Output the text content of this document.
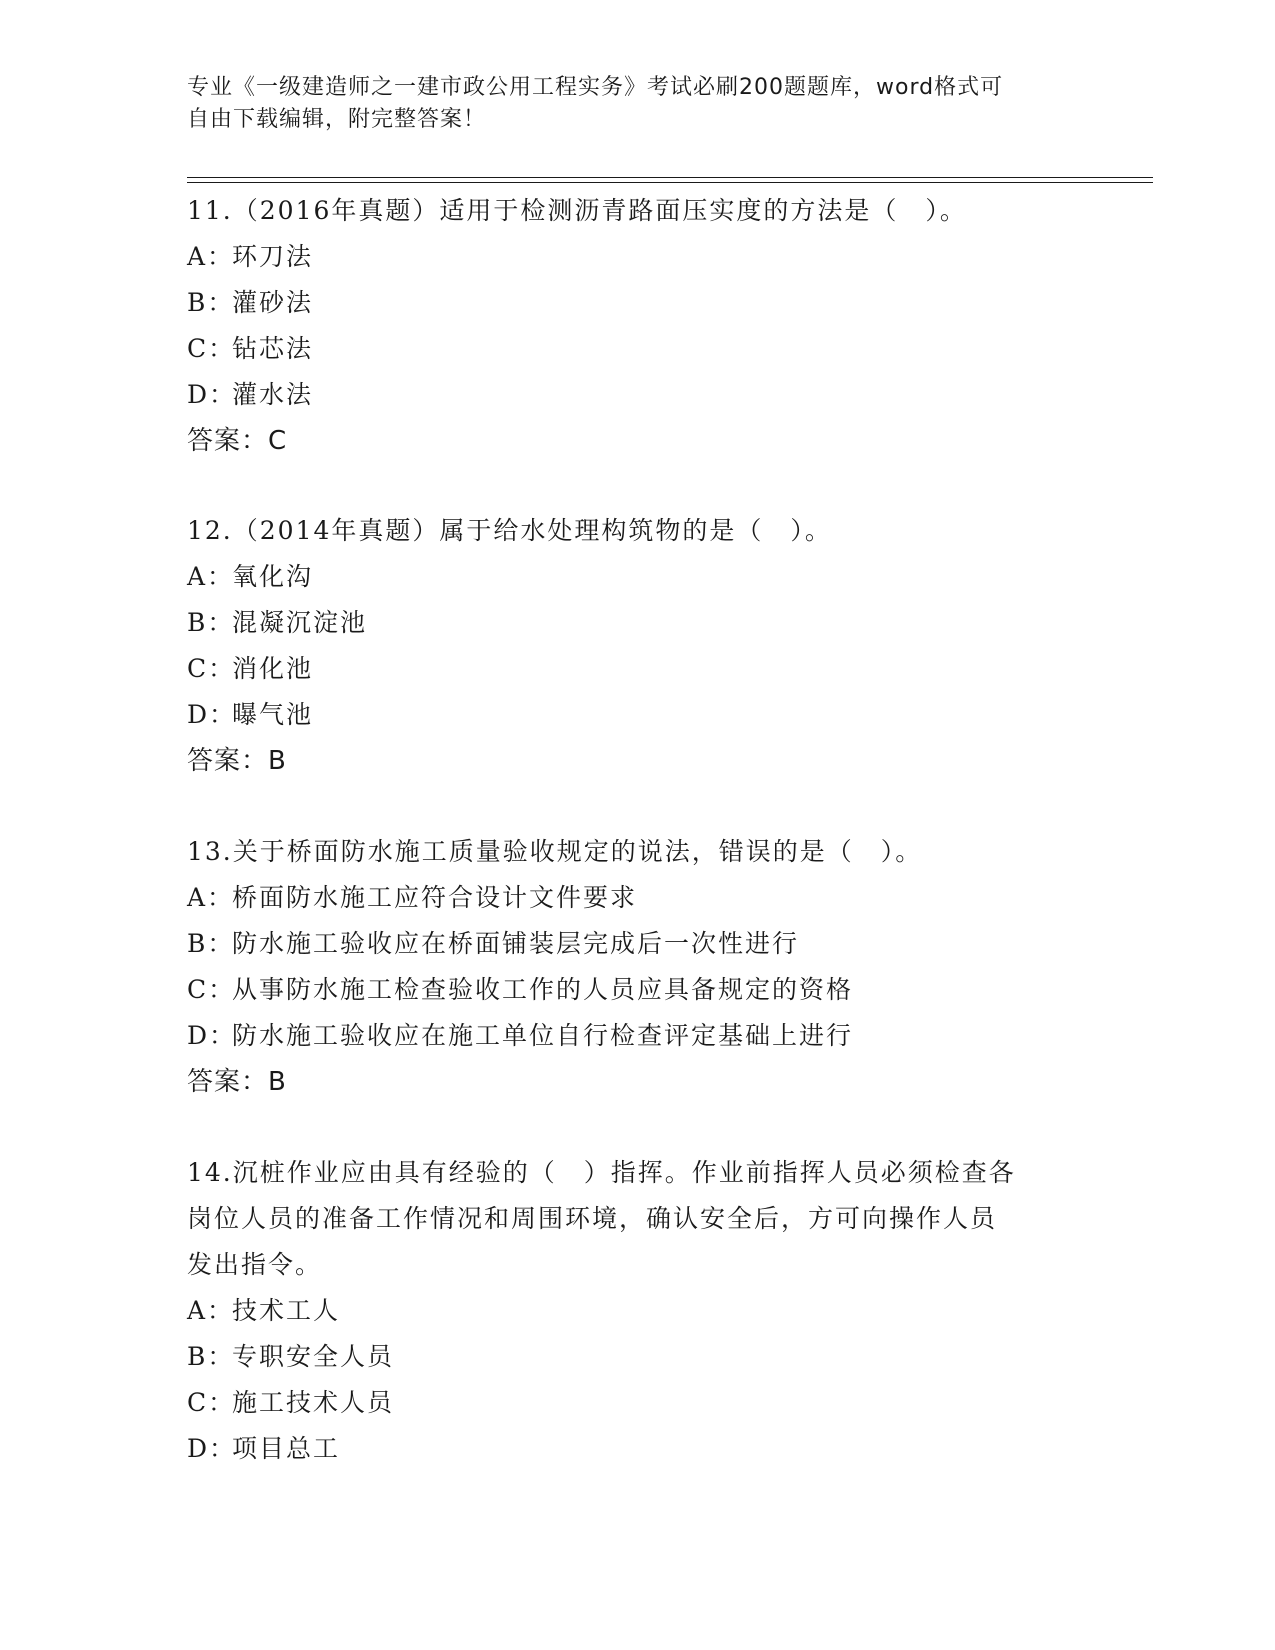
专业《一级建造师之一建市政公用工程实务》考试必刷200题题库，word格式可
自由下载编辑，附完整答案！
11.（2016年真题）适用于检测沥青路面压实度的方法是（　）。
A：环刀法
B：灌砂法
C：钻芯法
D：灌水法
答案：C
12.（2014年真题）属于给水处理构筑物的是（　）。
A：氧化沟
B：混凝沉淀池
C：消化池
D：曝气池
答案：B
13.关于桥面防水施工质量验收规定的说法，错误的是（　）。
A：桥面防水施工应符合设计文件要求
B：防水施工验收应在桥面铺装层完成后一次性进行
C：从事防水施工检查验收工作的人员应具备规定的资格
D：防水施工验收应在施工单位自行检查评定基础上进行
答案：B
14.沉桩作业应由具有经验的（　）指挥。作业前指挥人员必须检查各
岗位人员的准备工作情况和周围环境，确认安全后，方可向操作人员
发出指令。
A：技术工人
B：专职安全人员
C：施工技术人员
D：项目总工
